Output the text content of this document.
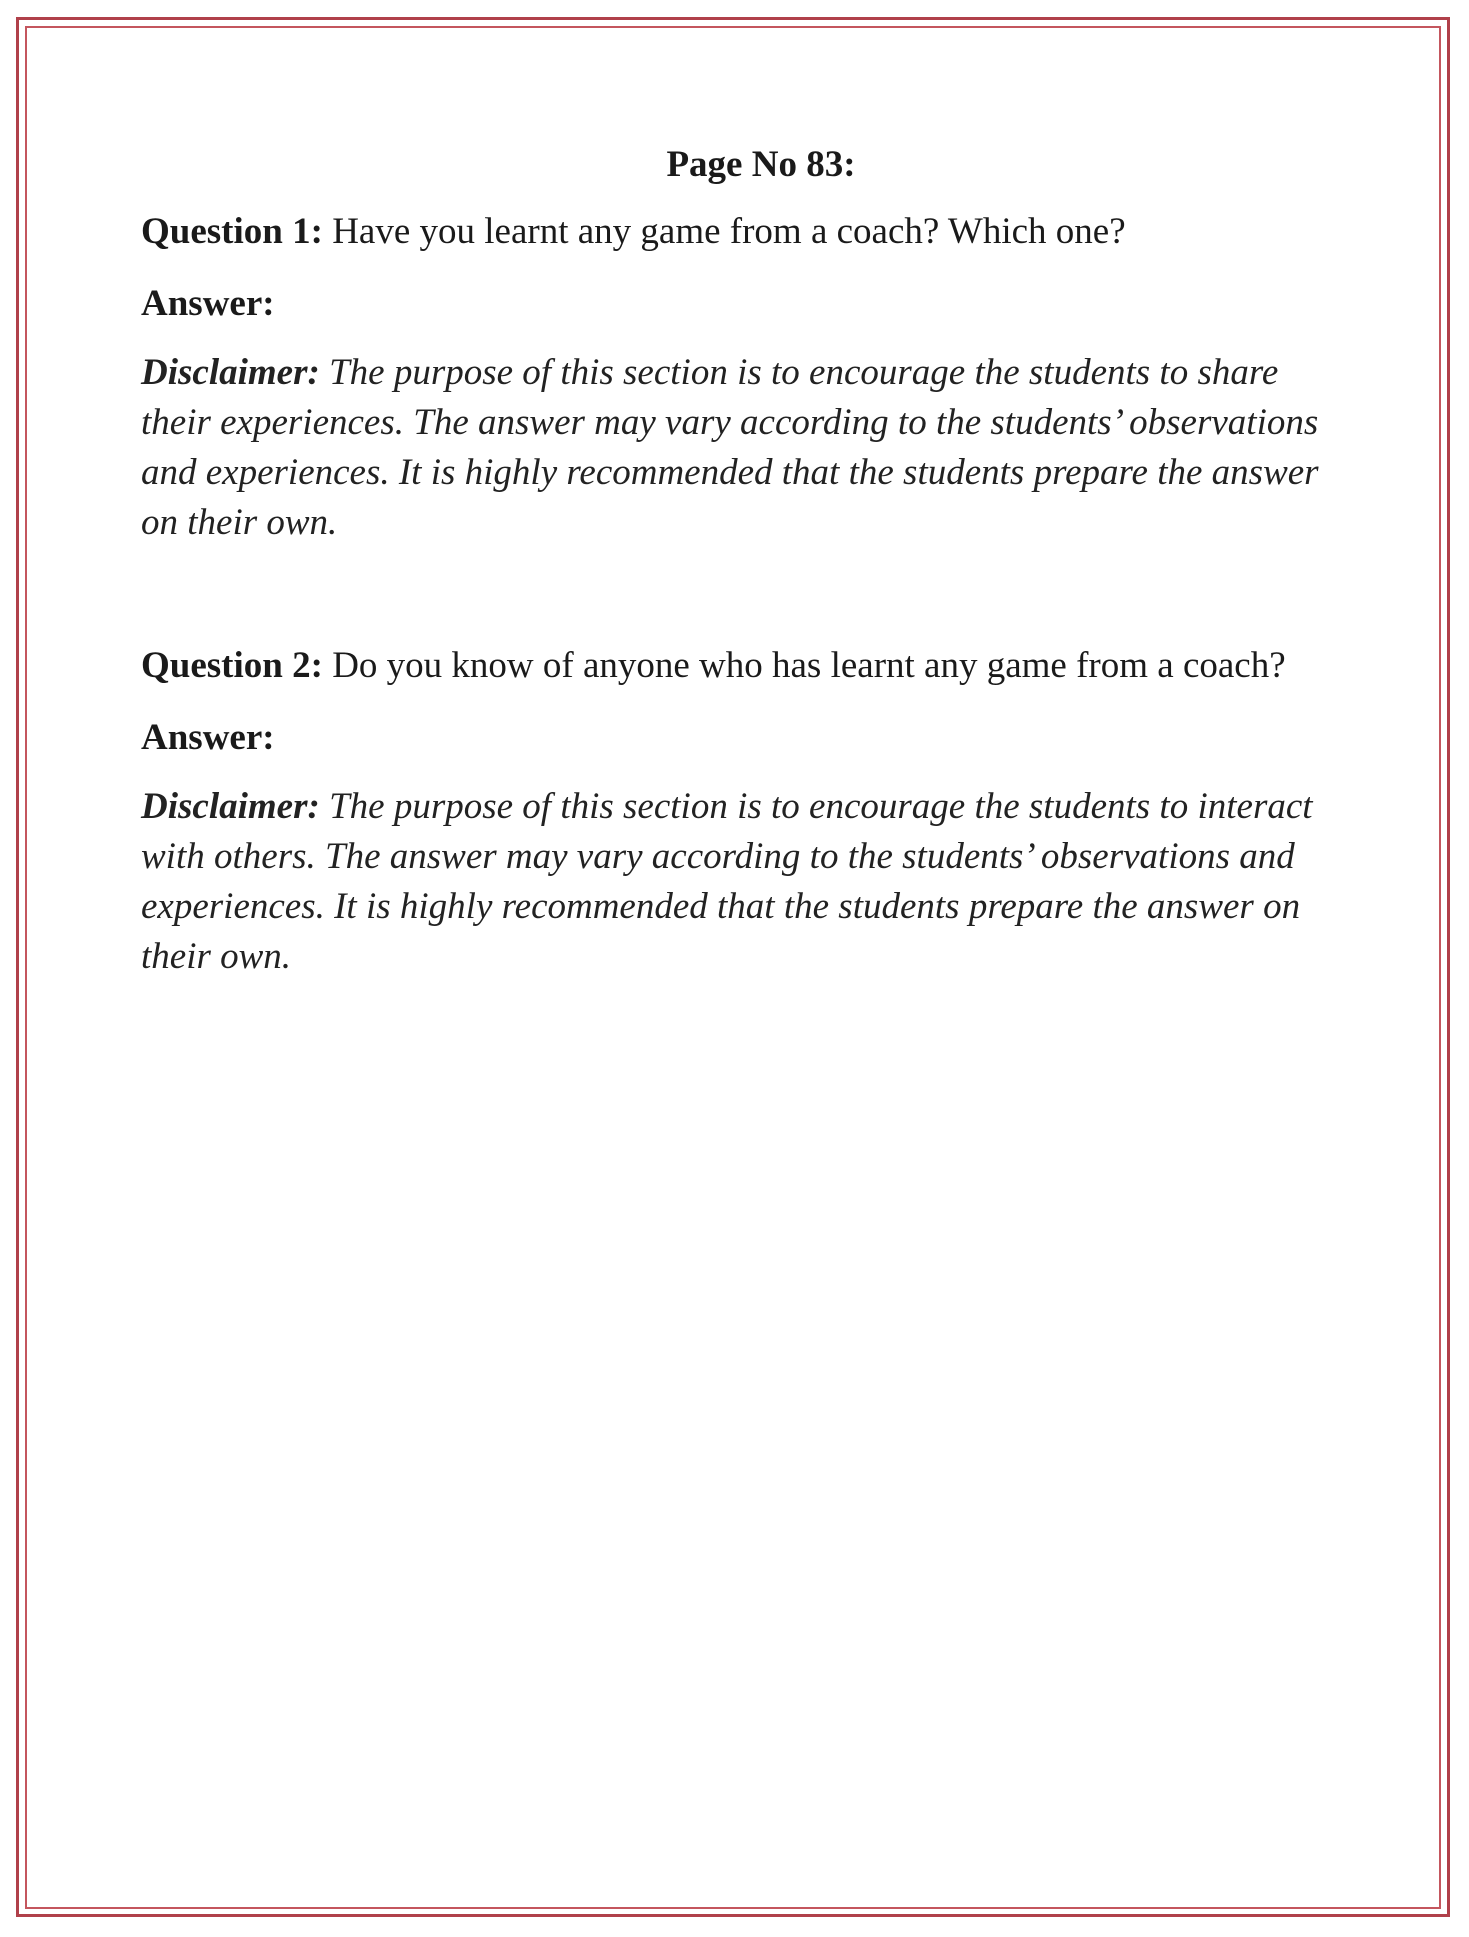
Page No 83:

Question 1: Have you learnt any game from a coach? Which one?

Answer:

Disclaimer: The purpose of this section is to encourage the students to share their experiences. The answer may vary according to the students’ observations and experiences. It is highly recommended that the students prepare the answer on their own.

Question 2: Do you know of anyone who has learnt any game from a coach?

Answer:

Disclaimer: The purpose of this section is to encourage the students to interact with others. The answer may vary according to the students’ observations and experiences. It is highly recommended that the students prepare the answer on their own.
